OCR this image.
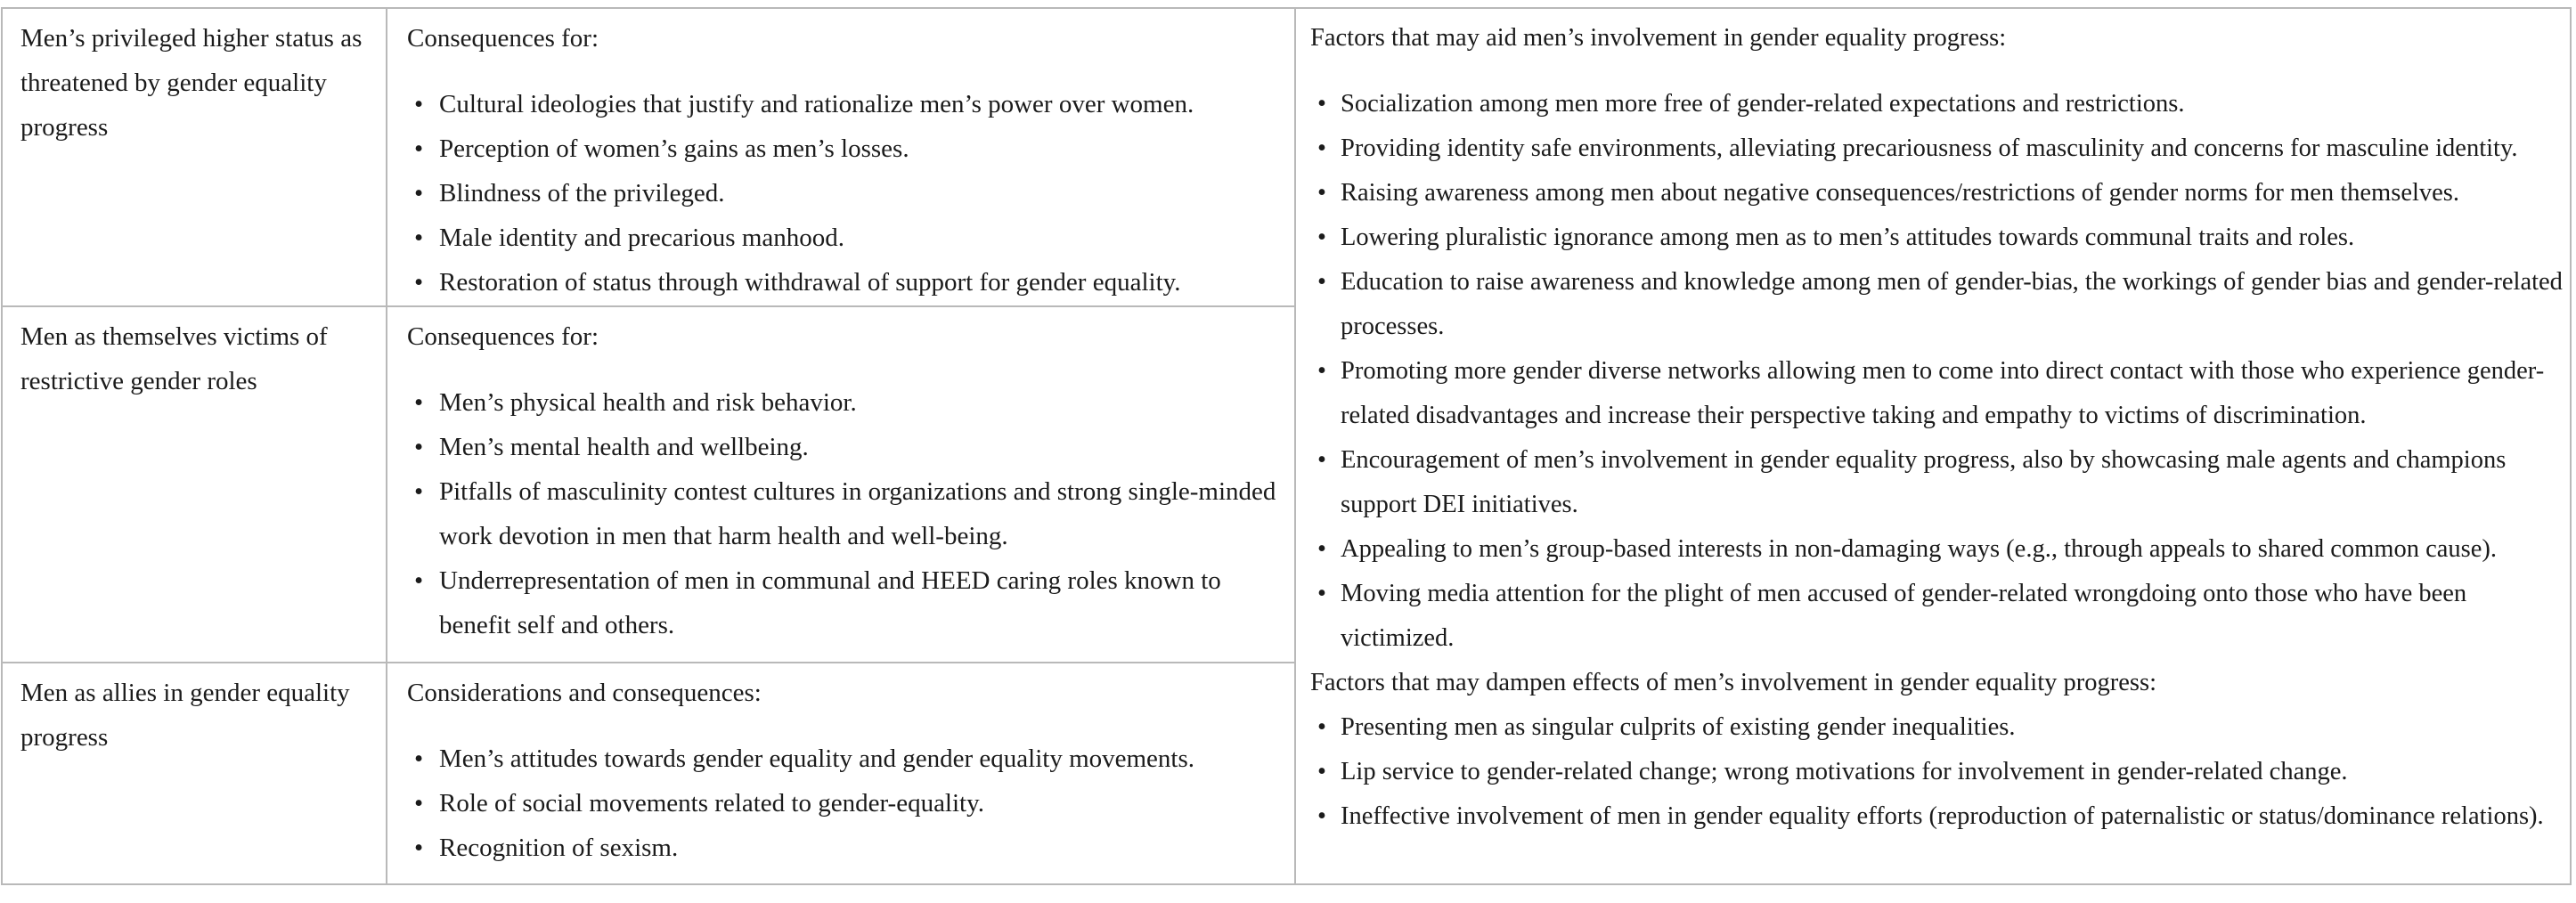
Men’s privileged higher status as threatened by gender equality progress

Consequences for:

• Cultural ideologies that justify and rationalize men’s power over women.
• Perception of women’s gains as men’s losses.
• Blindness of the privileged.
• Male identity and precarious manhood.
• Restoration of status through withdrawal of support for gender equality.

Factors that may aid men’s involvement in gender equality progress:

• Socialization among men more free of gender-related expectations and restrictions.
• Providing identity safe environments, alleviating precariousness of masculinity and concerns for masculine identity.
• Raising awareness among men about negative consequences/restrictions of gender norms for men themselves.
• Lowering pluralistic ignorance among men as to men’s attitudes towards communal traits and roles.
• Education to raise awareness and knowledge among men of gender-bias, the workings of gender bias and gender-related processes.
• Promoting more gender diverse networks allowing men to come into direct contact with those who experience gender-related disadvantages and increase their perspective taking and empathy to victims of discrimination.
• Encouragement of men’s involvement in gender equality progress, also by showcasing male agents and champions support DEI initiatives.
• Appealing to men’s group-based interests in non-damaging ways (e.g., through appeals to shared common cause).
• Moving media attention for the plight of men accused of gender-related wrongdoing onto those who have been victimized.

Factors that may dampen effects of men’s involvement in gender equality progress:

• Presenting men as singular culprits of existing gender inequalities.
• Lip service to gender-related change; wrong motivations for involvement in gender-related change.
• Ineffective involvement of men in gender equality efforts (reproduction of paternalistic or status/dominance relations).
Men as themselves victims of restrictive gender roles

Consequences for:

• Men’s physical health and risk behavior.
• Men’s mental health and wellbeing.
• Pitfalls of masculinity contest cultures in organizations and strong single-minded work devotion in men that harm health and well-being.
• Underrepresentation of men in communal and HEED caring roles known to benefit self and others.
Men as allies in gender equality progress

Considerations and consequences:

• Men’s attitudes towards gender equality and gender equality movements.
• Role of social movements related to gender-equality.
• Recognition of sexism.
